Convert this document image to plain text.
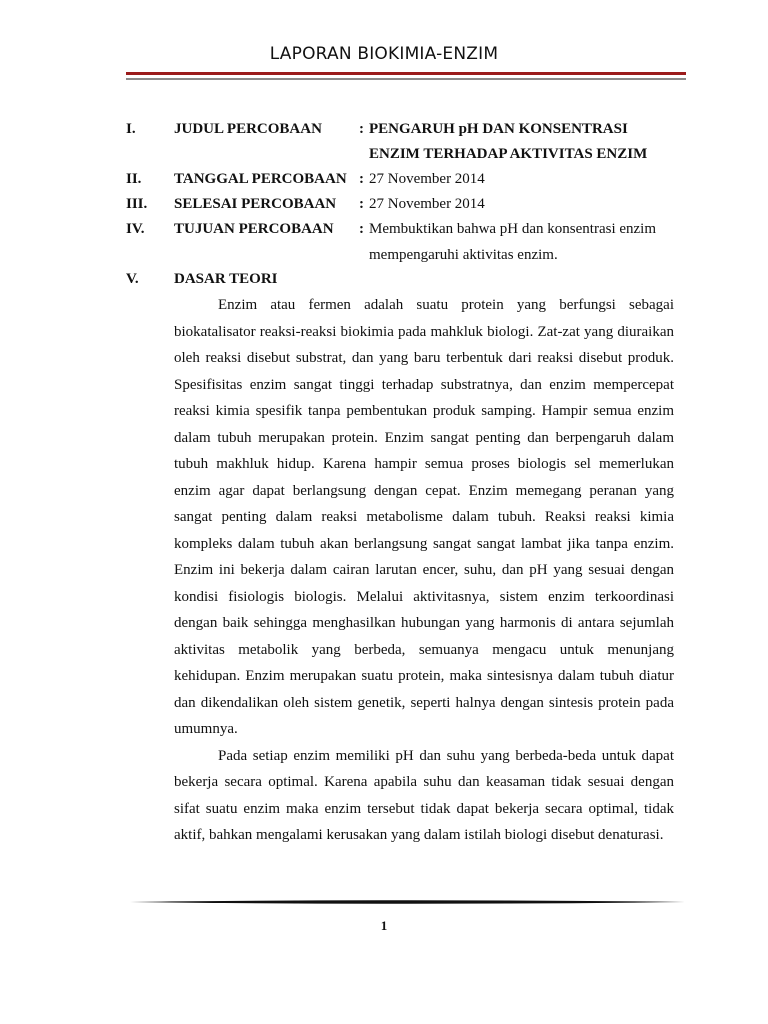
LAPORAN BIOKIMIA-ENZIM
I.	JUDUL PERCOBAAN : PENGARUH pH DAN KONSENTRASI
ENZIM TERHADAP AKTIVITAS ENZIM
II. TANGGAL PERCOBAAN : 27 November 2014
III. SELESAI PERCOBAAN : 27 November 2014
IV. TUJUAN PERCOBAAN : Membuktikan bahwa pH dan konsentrasi enzim
mempengaruhi aktivitas enzim.
V. DASAR TEORI

Enzim atau fermen adalah suatu protein yang berfungsi sebagai biokatalisator reaksi-reaksi biokimia pada mahkluk biologi. Zat-zat yang diuraikan oleh reaksi disebut substrat, dan yang baru terbentuk dari reaksi disebut produk. Spesifisitas enzim sangat tinggi terhadap substratnya, dan enzim mempercepat reaksi kimia spesifik tanpa pembentukan produk samping. Hampir semua enzim dalam tubuh merupakan protein. Enzim sangat penting dan berpengaruh dalam tubuh makhluk hidup. Karena hampir semua proses biologis sel memerlukan enzim agar dapat berlangsung dengan cepat. Enzim memegang peranan yang sangat penting dalam reaksi metabolisme dalam tubuh. Reaksi reaksi kimia kompleks dalam tubuh akan berlangsung sangat sangat lambat jika tanpa enzim. Enzim ini bekerja dalam cairan larutan encer, suhu, dan pH yang sesuai dengan kondisi fisiologis biologis. Melalui aktivitasnya, sistem enzim terkoordinasi dengan baik sehingga menghasilkan hubungan yang harmonis di antara sejumlah aktivitas metabolik yang berbeda, semuanya mengacu untuk menunjang kehidupan. Enzim merupakan suatu protein, maka sintesisnya dalam tubuh diatur dan dikendalikan oleh sistem genetik, seperti halnya dengan sintesis protein pada umumnya.

Pada setiap enzim memiliki pH dan suhu yang berbeda-beda untuk dapat bekerja secara optimal. Karena apabila suhu dan keasaman tidak sesuai dengan sifat suatu enzim maka enzim tersebut tidak dapat bekerja secara optimal, tidak aktif, bahkan mengalami kerusakan yang dalam istilah biologi disebut denaturasi.

1
